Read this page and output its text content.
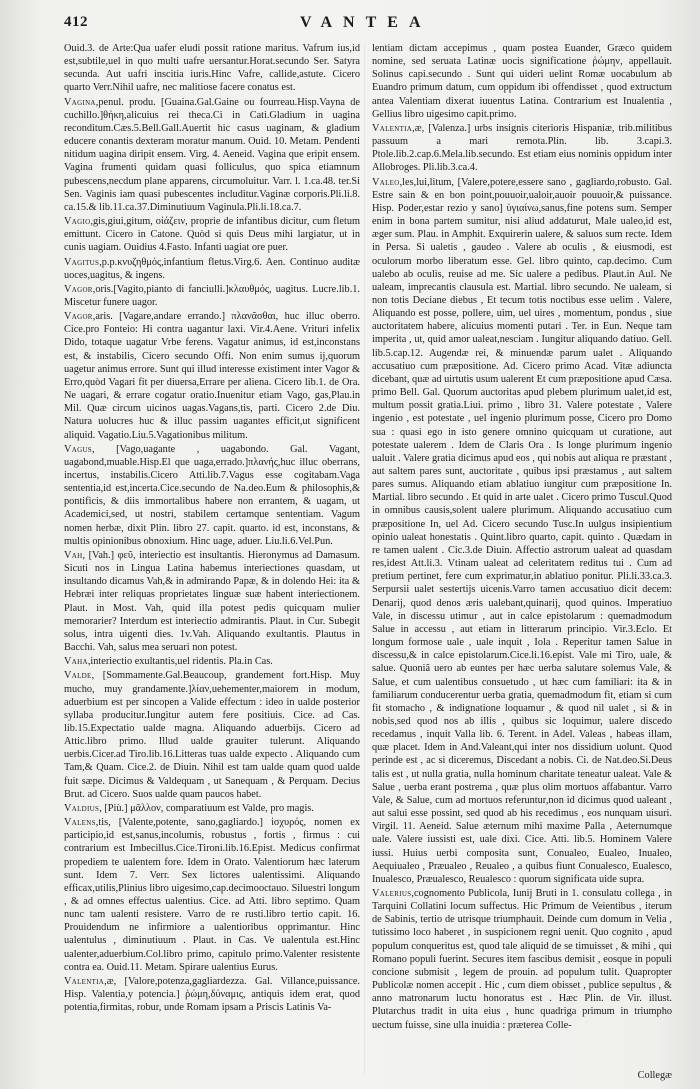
412	VANTEA

Ouid.3. de Arte:Qua uafer eludi possit ratione maritus. Vafrum ius,id est,subtile,uel in quo multi uafre uersantur.Horat.secundo Ser. Satyra secunda. Aut uafri inscitia iuris.Hinc Vafre, callide,astute. Cicero quarto Verr.Nihil uafre, nec malitiose facere conatus est.

Vagina,penul. produ. [Guaina.Gal.Gaine ou fourreau.Hisp.Vayna de cuchillo.]θήκη,alicuius rei theca.Ci in Cati.Gladium in uagina reconditum.Cæs.5.Bell.Gall.Auertit hic casus uaginam, & gladium educere conantis dexteram moratur manum. Ouid. 10. Metam. Pendenti nitidum uagina diripit ensem. Virg. 4. Aeneid. Vagina que eripit ensem. Vagina frumenti quidam quasi folliculus, quo spica etiamnum pubescens,necdum plane apparens, circumoluitur. Varr. l. 1.ca.48. ter.Si Sen. Vaginis iam quasi pubescentes includitur.Vaginæ corporis.Pli.li.8. ca.15.& lib.11.ca.37.Diminutiuum Vaginula.Pli.li.18.ca.7.

Vagio,gis,giui,gitum, οἰάζειν, proprie de infantibus dicitur, cum fletum emittunt. Cicero in Catone. Quòd si quis Deus mihi largiatur, ut in cunis uagiam. Ouidius 4.Fasto. Infanti uagiat ore puer.

Vagitus,p.p.κνυζηθμός,infantium fletus.Virg.6. Aen. Continuo auditæ uoces,uagitus, & ingens.

Vagor,oris.[Vagito,pianto di fanciulli.]κλαυθμός, uagitus. Lucre.lib.1. Miscetur funere uagor.

Vagor,aris. [Vagare,andare errando.] πλανᾶσθαι, huc illuc oberro. Cice.pro Fonteio: Hi contra uagantur laxi. Vir.4.Aene. Vrituri infelix Dido, totaque uagatur Vrbe ferens. Vagatur animus, id est,inconstans est, & instabilis, Cicero secundo Offi. Non enim sumus ij,quorum uagetur animus errore. Sunt qui illud interesse existiment inter Vagor & Erro,quòd Vagari fit per diuersa,Errare per aliena. Cicero lib.1. de Ora. Ne uagari, & errare cogatur oratio.Inuenitur etiam Vago, gas,Plau.in Mil. Quæ circum uicinos uagas.Vagans,tis, parti. Cicero 2.de Diu. Natura uolucres huc & illuc passim uagantes efficit,ut significent aliquid. Vagatio.Liu.5.Vagationibus militum.

Vagus, [Vago,uagante , uagabondo. Gal. Vagant, uagabond,muable.Hisp.El que uaga,errado.]πλανής,huc illuc oberrans, incertus, instabilis.Cicero Atti.lib.7.Vagus esse cogitabam.Vaga sententia,id est,incerta.Cice.secundo de Na.deo.Eum & philosophis,& pontificis, & diis immortalibus habere non errantem, & uagam, ut Academici,sed, ut nostri, stabilem certamque sententiam. Vagum nomen herbæ, dixit Plin. libro 27. capit. quarto. id est, inconstans, & multis opinionibus obnoxium. Hinc uage, aduer. Liu.li.6.Vel.Pun.

Vah, [Vah.] φεῦ, interiectio est insultantis. Hieronymus ad Damasum. Sicuti nos in Lingua Latina habemus interiectiones quasdam, ut insultando dicamus Vah,& in admirando Papæ, & in dolendo Hei: ita & Hebræi inter reliquas proprietates linguæ suæ habent interiectionem. Plaut. in Most. Vah, quid illa potest pedis quicquam mulier memorarier? Interdum est interiectio admirantis. Plaut. in Cur. Subegit solus, intra uigenti dies. 1v.Vah. Aliquando exultantis. Plautus in Bacchi. Vah, salus mea seruari non potest.

Vaha,interiectio exultantis,uel ridentis. Pla.in Cas.

Valde, [Sommamente.Gal.Beaucoup, grandement fort.Hisp. Muy mucho, muy grandamente.]λίαν,uehementer,maiorem in modum, aduerbium est per sincopen a Valide effectum : ideo in ualde posterior syllaba producitur.Iungitur autem fere positiuis. Cice. ad Cas. lib.15.Expectatio ualde magna. Aliquando aduerbijs. Cicero ad Attic.libro primo. Illud ualde grauiter tulerunt. Aliquando uerbis.Cicer.ad Tiro.lib.16.Litteras tuas ualde expecto . Aliquando cum Tam,& Quam. Cice.2. de Diuin. Nihil est tam ualde quam quod ualde fuit sæpe. Dicimus & Valdequam , ut Sanequam , & Perquam. Decius Brut. ad Cicero. Suos ualde quam paucos habet.

Valdius, [Più.] μᾶλλον, comparatiuum est Valde, pro magis.

Valens,tis, [Valente,potente, sano,gagliardo.] ἰσχυρός, nomen ex participio,id est,sanus,incolumis, robustus , fortis , firmus : cui contrarium est Imbecillus.Cice.Tironi.lib.16.Epist. Medicus confirmat propediem te ualentem fore. Idem in Orato. Valentiorum hæc laterum sunt. Idem 7. Verr. Sex lictores ualentissimi. Aliquando efficax,utilis,Plinius libro uigesimo,cap.decimooctauo. Siluestri longum , & ad omnes effectus ualentius. Cice. ad Atti. libro septimo. Quam nunc tam ualenti resistere. Varro de re rusti.libro tertio capit. 16. Prouidendum ne infirmiore a ualentioribus opprimantur. Hinc ualentulus , diminutiuum . Plaut. in Cas. Ve ualentula est.Hinc ualenter,aduerbium.Col.libro primo, capitulo primo.Valenter resistente contra ea. Ouid.11. Metam. Spirare ualentius Eurus.

Valentia,æ, [Valore,potenza,gagliardezza. Gal. Villance,puissance. Hisp. Valentia,y potencia.] ῥώμη,δύναμις, antiquis idem erat, quod potentia,firmitas, robur, unde Romam ipsam a Priscis Latinis Va-

lentiam dictam accepimus , quam postea Euander, Græco quidem nomine, sed seruata Latinæ uocis significatione ῥώμην, appellauit. Solinus capi.secundo . Sunt qui uideri uelint Romæ uocabulum ab Euandro primum datum, cum oppidum ibi offendisset , quod extructum antea Valentiam dixerat iuuentus Latina. Contrarium est Inualentia , Gellius libro uigesimo capit.primo.

Valentia,æ, [Valenza.] urbs insignis citerioris Hispaniæ, trib.militibus passuum a mari remota.Plin. lib. 3.capi.3. Ptole.lib.2.cap.6.Mela.lib.secundo. Est etiam eius nominis oppidum inter Allobroges. Pli.lib.3.ca.4.

Valeo,les,lui,litum, [Valere,potere,essere sano , gagliardo,robusto. Gal. Estre sain & en bon point,pouuoir,ualoir,auoir pouuoir,& puissance. Hisp. Poder,estar rezio y sano] ὑγιαίνω,sanus,fine potens sum. Semper enim in bona partem sumitur, nisi aliud addaturut, Male ualeo,id est, æger sum. Plau. in Amphit. Exquirerin ualere, & saluos sum recte. Idem in Persa. Si ualetis , gaudeo . Valere ab oculis , & eiusmodi, est oculorum morbo liberatum esse. Gel. libro quinto, cap.decimo. Cum ualebo ab oculis, reuise ad me. Sic ualere a pedibus. Plaut.in Aul. Ne ualeam, imprecantis clausula est. Martial. libro secundo. Ne ualeam, si non totis Deciane diebus , Et tecum totis noctibus esse uelim . Valere, Aliquando est posse, pollere, uim, uel uires , momentum, pondus , siue auctoritatem habere, alicuius momenti putari . Ter. in Eun. Neque tam imperita , ut, quid amor ualeat,nesciam . Iungitur aliquando datiuo. Gell. lib.5.cap.12. Augendæ rei, & minuendæ parum ualet . Aliquando accusatiuo cum præpositione. Ad. Cicero primo Acad. Vitæ adiuncta dicebant, quæ ad uirtutis usum ualerent Et cum præpositione apud Cæsa. primo Bell. Gal. Quorum auctoritas apud plebem plurimum ualet,id est, multum possit gratia.Liui. primo , libro 31. Valere potestate , Valere ingenio , est potestate , uel ingenio plurimum posse, Cicero pro Domo sua : quasi ego in isto genere omnino quicquam ut curatione, aut potestate ualerem . Idem de Claris Ora . Is longe plurimum ingenio ualuit . Valere gratia dicimus apud eos , qui nobis aut aliqua re præstant , aut saltem pares sunt, auctoritate , quibus ipsi præstamus , aut saltem pares sumus. Aliquando etiam ablatiuo iungitur cum præpositione In. Martial. libro secundo . Et quid in arte ualet . Cicero primo Tuscul.Quod in omnibus causis,solent ualere plurimum. Aliquando accusatiuo cum præpositione In, uel Ad. Cicero secundo Tusc.In uulgus insipientium opinio ualeat honestatis . Quint.libro quarto, capit. quinto . Quædam in re tamen ualent . Cic.3.de Diuin. Affectio astrorum ualeat ad quasdam res,idest Att.li.3. Vtinam ualeat ad celeritatem reditus tui . Cum ad pretium pertinet, fere cum exprimatur,in ablatiuo ponitur. Pli.li.33.ca.3. Serpursii ualet sestertijs uicenis.Varro tamen accusatiuo dicit decem: Denarij, quod denos æris ualebant,quinarij, quod quinos. Imperatiuo Vale, in discessu utimur , aut in calce epistolarum : quemadmodum Salue in accessu , aut etiam in litterarum principio. Vir.3.Eclo. Et longum formose uale , uale inquit , Iola . Reperitur tamen Salue in discessu,& in calce epistolarum.Cice.li.16.epist. Vale mi Tiro, uale, & salue. Quoniã uero ab euntes per hæc uerba salutare solemus Vale, & Salue, et cum ualentibus consuetudo , ut hæc cum familiari: ita & in familiarum conducerentur uerba gratia, quemadmodum fit, etiam si cum fit stomacho , & indignatione loquamur , & quod nil ualet , si & in nobis,sed quod nos ab illis , quibus sic loquimur, ualere discedo recedamus , inquit Valla lib. 6. Terent. in Adel. Valeas , habeas illam, quæ placet. Idem in And.Valeant,qui inter nos dissidium uolunt. Quod perinde est , ac si diceremus, Discedant a nobis. Ci. de Nat.deo.Si.Deus talis est , ut nulla gratia, nulla hominum charitate teneatur ualeat. Vale & Salue , uerba erant postrema , quæ plus olim mortuos affabantur. Varro Vale, & Salue, cum ad mortuos referuntur,non id dicimus quod ualeant , aut salui esse possint, sed quod ab his recedimus , eos nunquam uisuri. Virgil. 11. Aeneid. Salue æternum mihi maxime Palla , Aeternumque uale. Valere iussisti est, uale dixi. Cice. Atti. lib.5. Hominem Valere iussi. Huius uerbi composita sunt, Conualeo, Eualeo, Inualeo, Aequiualeo , Præualeo , Reualeo , a quibus fiunt Conualesco, Eualesco, Inualesco, Præualesco, Reualesco : quorum significata uide supra.

Valerius,cognomento Publicola, Iunij Bruti in 1. consulatu collega , in Tarquini Collatini locum suffectus. Hic Primum de Veientibus , iterum de Sabinis, tertio de utrisque triumphauit. Deinde cum domum in Velia , tutissimo loco haberet , in suspicionem regni uenit. Quo cognito , apud populum conqueritus est, quod tale aliquid de se timuisset , & mihi , qui Romano populi fuerint. Secures item fascibus demisit , eosque in populi concione submisit , legem de prouin. ad populum tulit. Quapropter Publicolæ nomen accepit . Hic , cum diem obisset , publice sepultus , & anno matronarum luctu honoratus est . Hæc Plin. de Vir. illust. Plutarchus tradit in uita eius , hunc quadriga primum in triumpho uectum fuisse, sine ulla inuidia : præterea Colle-

Collegæ
